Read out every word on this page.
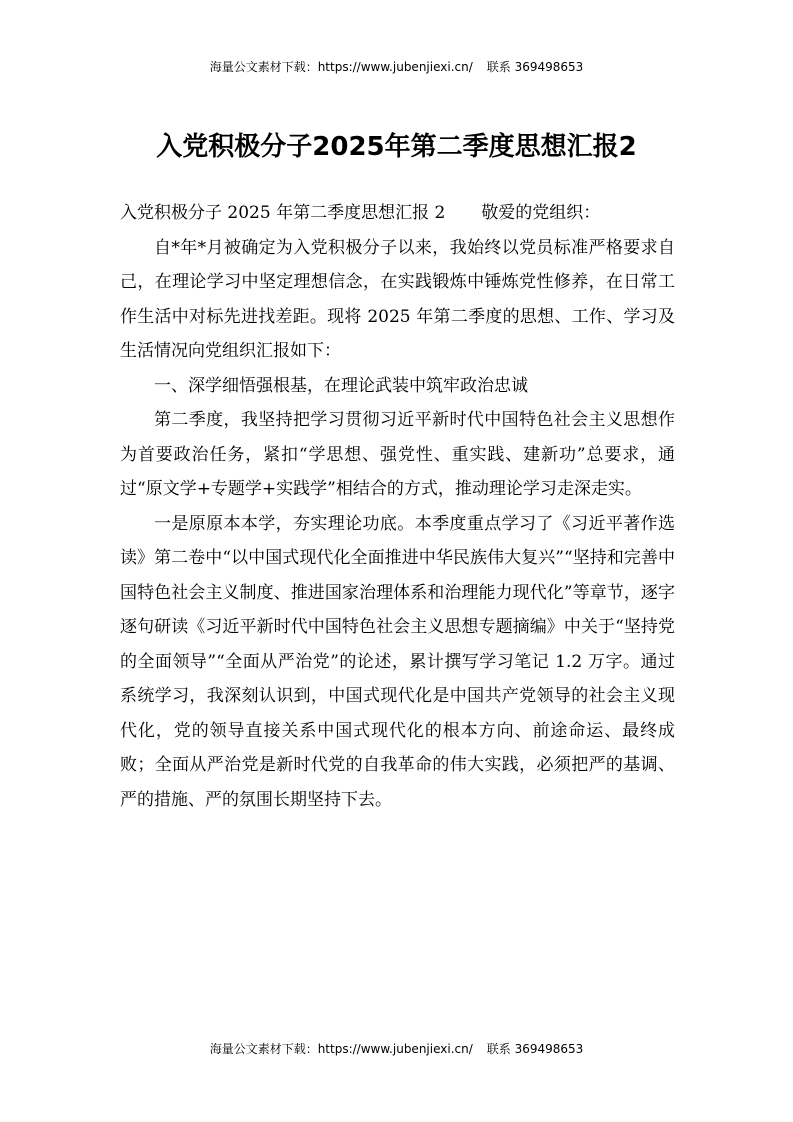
海量公文素材下载：https://www.jubenjiexi.cn/ 联系 369498653
入党积极分子2025年第二季度思想汇报2

入党积极分子 2025 年第二季度思想汇报 2 敬爱的党组织：

自*年*月被确定为入党积极分子以来，我始终以党员标准严格要求自己，在理论学习中坚定理想信念，在实践锻炼中锤炼党性修养，在日常工作生活中对标先进找差距。现将 2025 年第二季度的思想、工作、学习及生活情况向党组织汇报如下：

一、深学细悟强根基，在理论武装中筑牢政治忠诚

第二季度，我坚持把学习贯彻习近平新时代中国特色社会主义思想作为首要政治任务，紧扣“学思想、强党性、重实践、建新功”总要求，通过“原文学+专题学+实践学”相结合的方式，推动理论学习走深走实。

一是原原本本学，夯实理论功底。本季度重点学习了《习近平著作选读》第二卷中“以中国式现代化全面推进中华民族伟大复兴”“坚持和完善中国特色社会主义制度、推进国家治理体系和治理能力现代化”等章节，逐字逐句研读《习近平新时代中国特色社会主义思想专题摘编》中关于“坚持党的全面领导”“全面从严治党”的论述，累计撰写学习笔记 1.2 万字。通过系统学习，我深刻认识到，中国式现代化是中国共产党领导的社会主义现代化，党的领导直接关系中国式现代化的根本方向、前途命运、最终成败；全面从严治党是新时代党的自我革命的伟大实践，必须把严的基调、严的措施、严的氛围长期坚持下去。

海量公文素材下载：https://www.jubenjiexi.cn/ 联系 369498653
